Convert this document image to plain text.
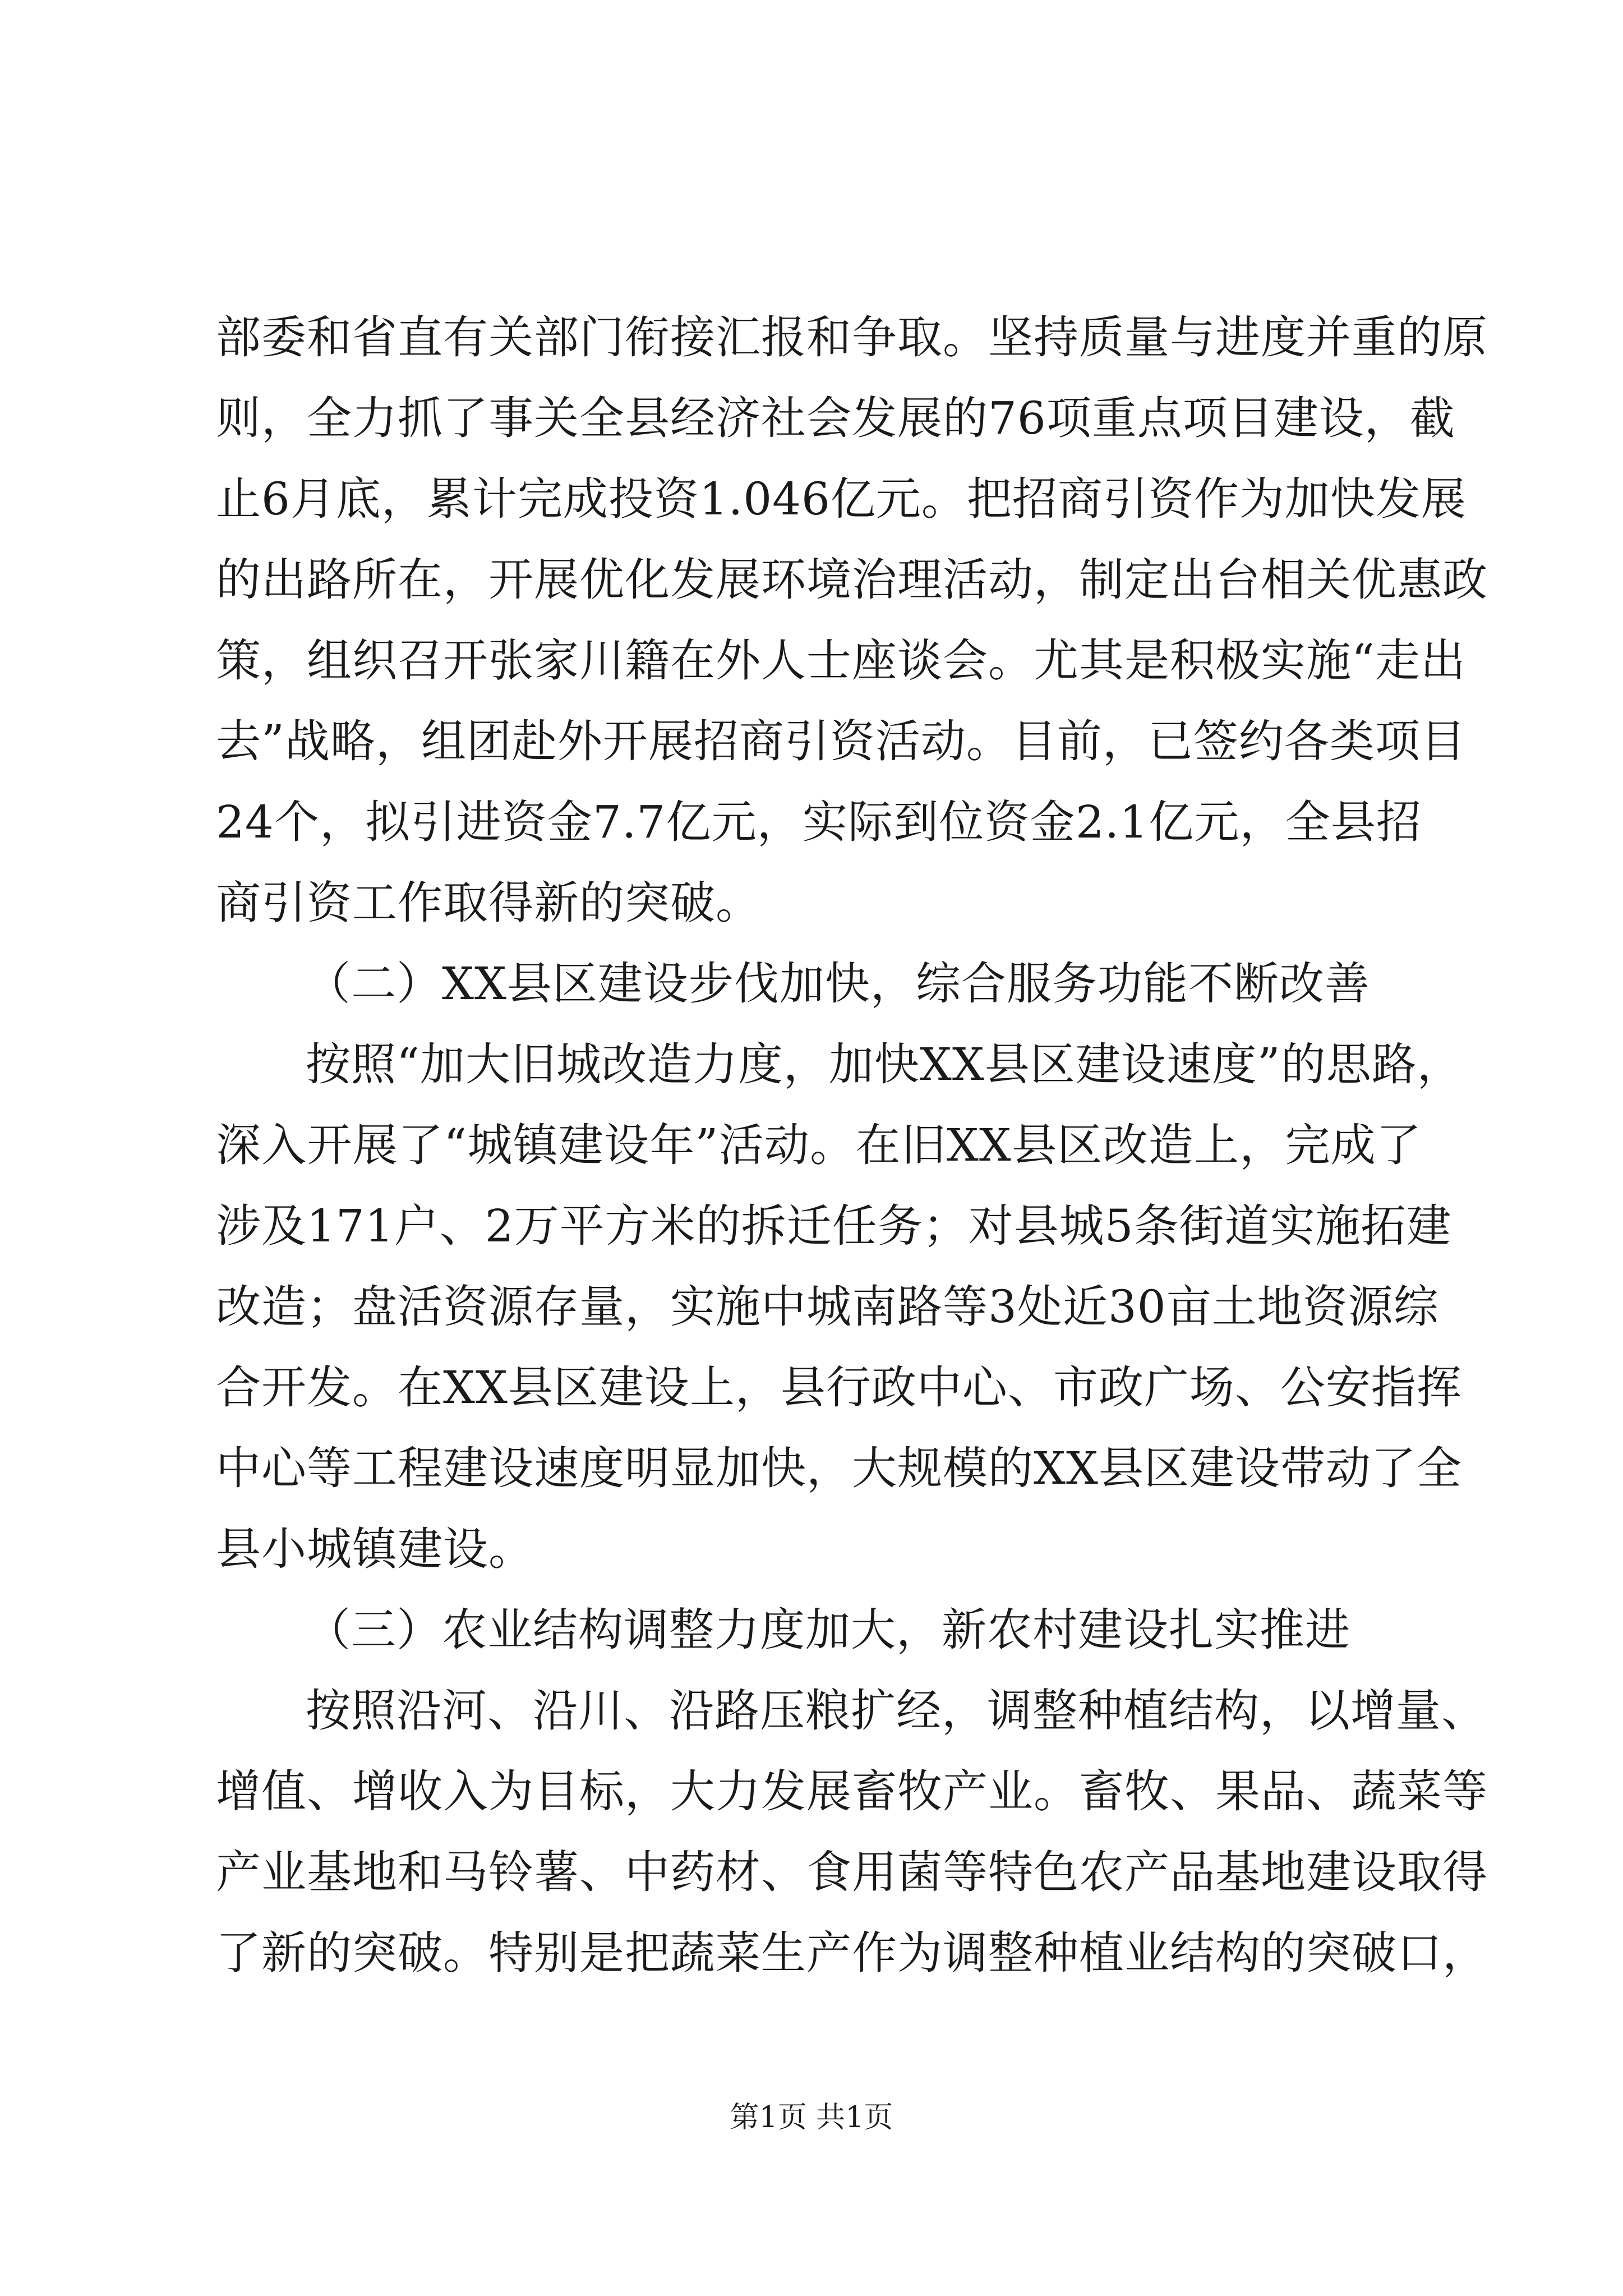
部委和省直有关部门衔接汇报和争取。坚持质量与进度并重的原
则，全力抓了事关全县经济社会发展的76项重点项目建设，截
止6月底，累计完成投资1.046亿元。把招商引资作为加快发展
的出路所在，开展优化发展环境治理活动，制定出台相关优惠政
策，组织召开张家川籍在外人士座谈会。尤其是积极实施“走出
去”战略，组团赴外开展招商引资活动。目前，已签约各类项目
24个，拟引进资金7.7亿元，实际到位资金2.1亿元，全县招
商引资工作取得新的突破。
（二）XX县区建设步伐加快，综合服务功能不断改善
按照“加大旧城改造力度，加快XX县区建设速度”的思路，
深入开展了“城镇建设年”活动。在旧XX县区改造上，完成了
涉及171户、2万平方米的拆迁任务；对县城5条街道实施拓建
改造；盘活资源存量，实施中城南路等3处近30亩土地资源综
合开发。在XX县区建设上，县行政中心、市政广场、公安指挥
中心等工程建设速度明显加快，大规模的XX县区建设带动了全
县小城镇建设。
（三）农业结构调整力度加大，新农村建设扎实推进
按照沿河、沿川、沿路压粮扩经，调整种植结构，以增量、
增值、增收入为目标，大力发展畜牧产业。畜牧、果品、蔬菜等
产业基地和马铃薯、中药材、食用菌等特色农产品基地建设取得
了新的突破。特别是把蔬菜生产作为调整种植业结构的突破口，
第1页 共1页
